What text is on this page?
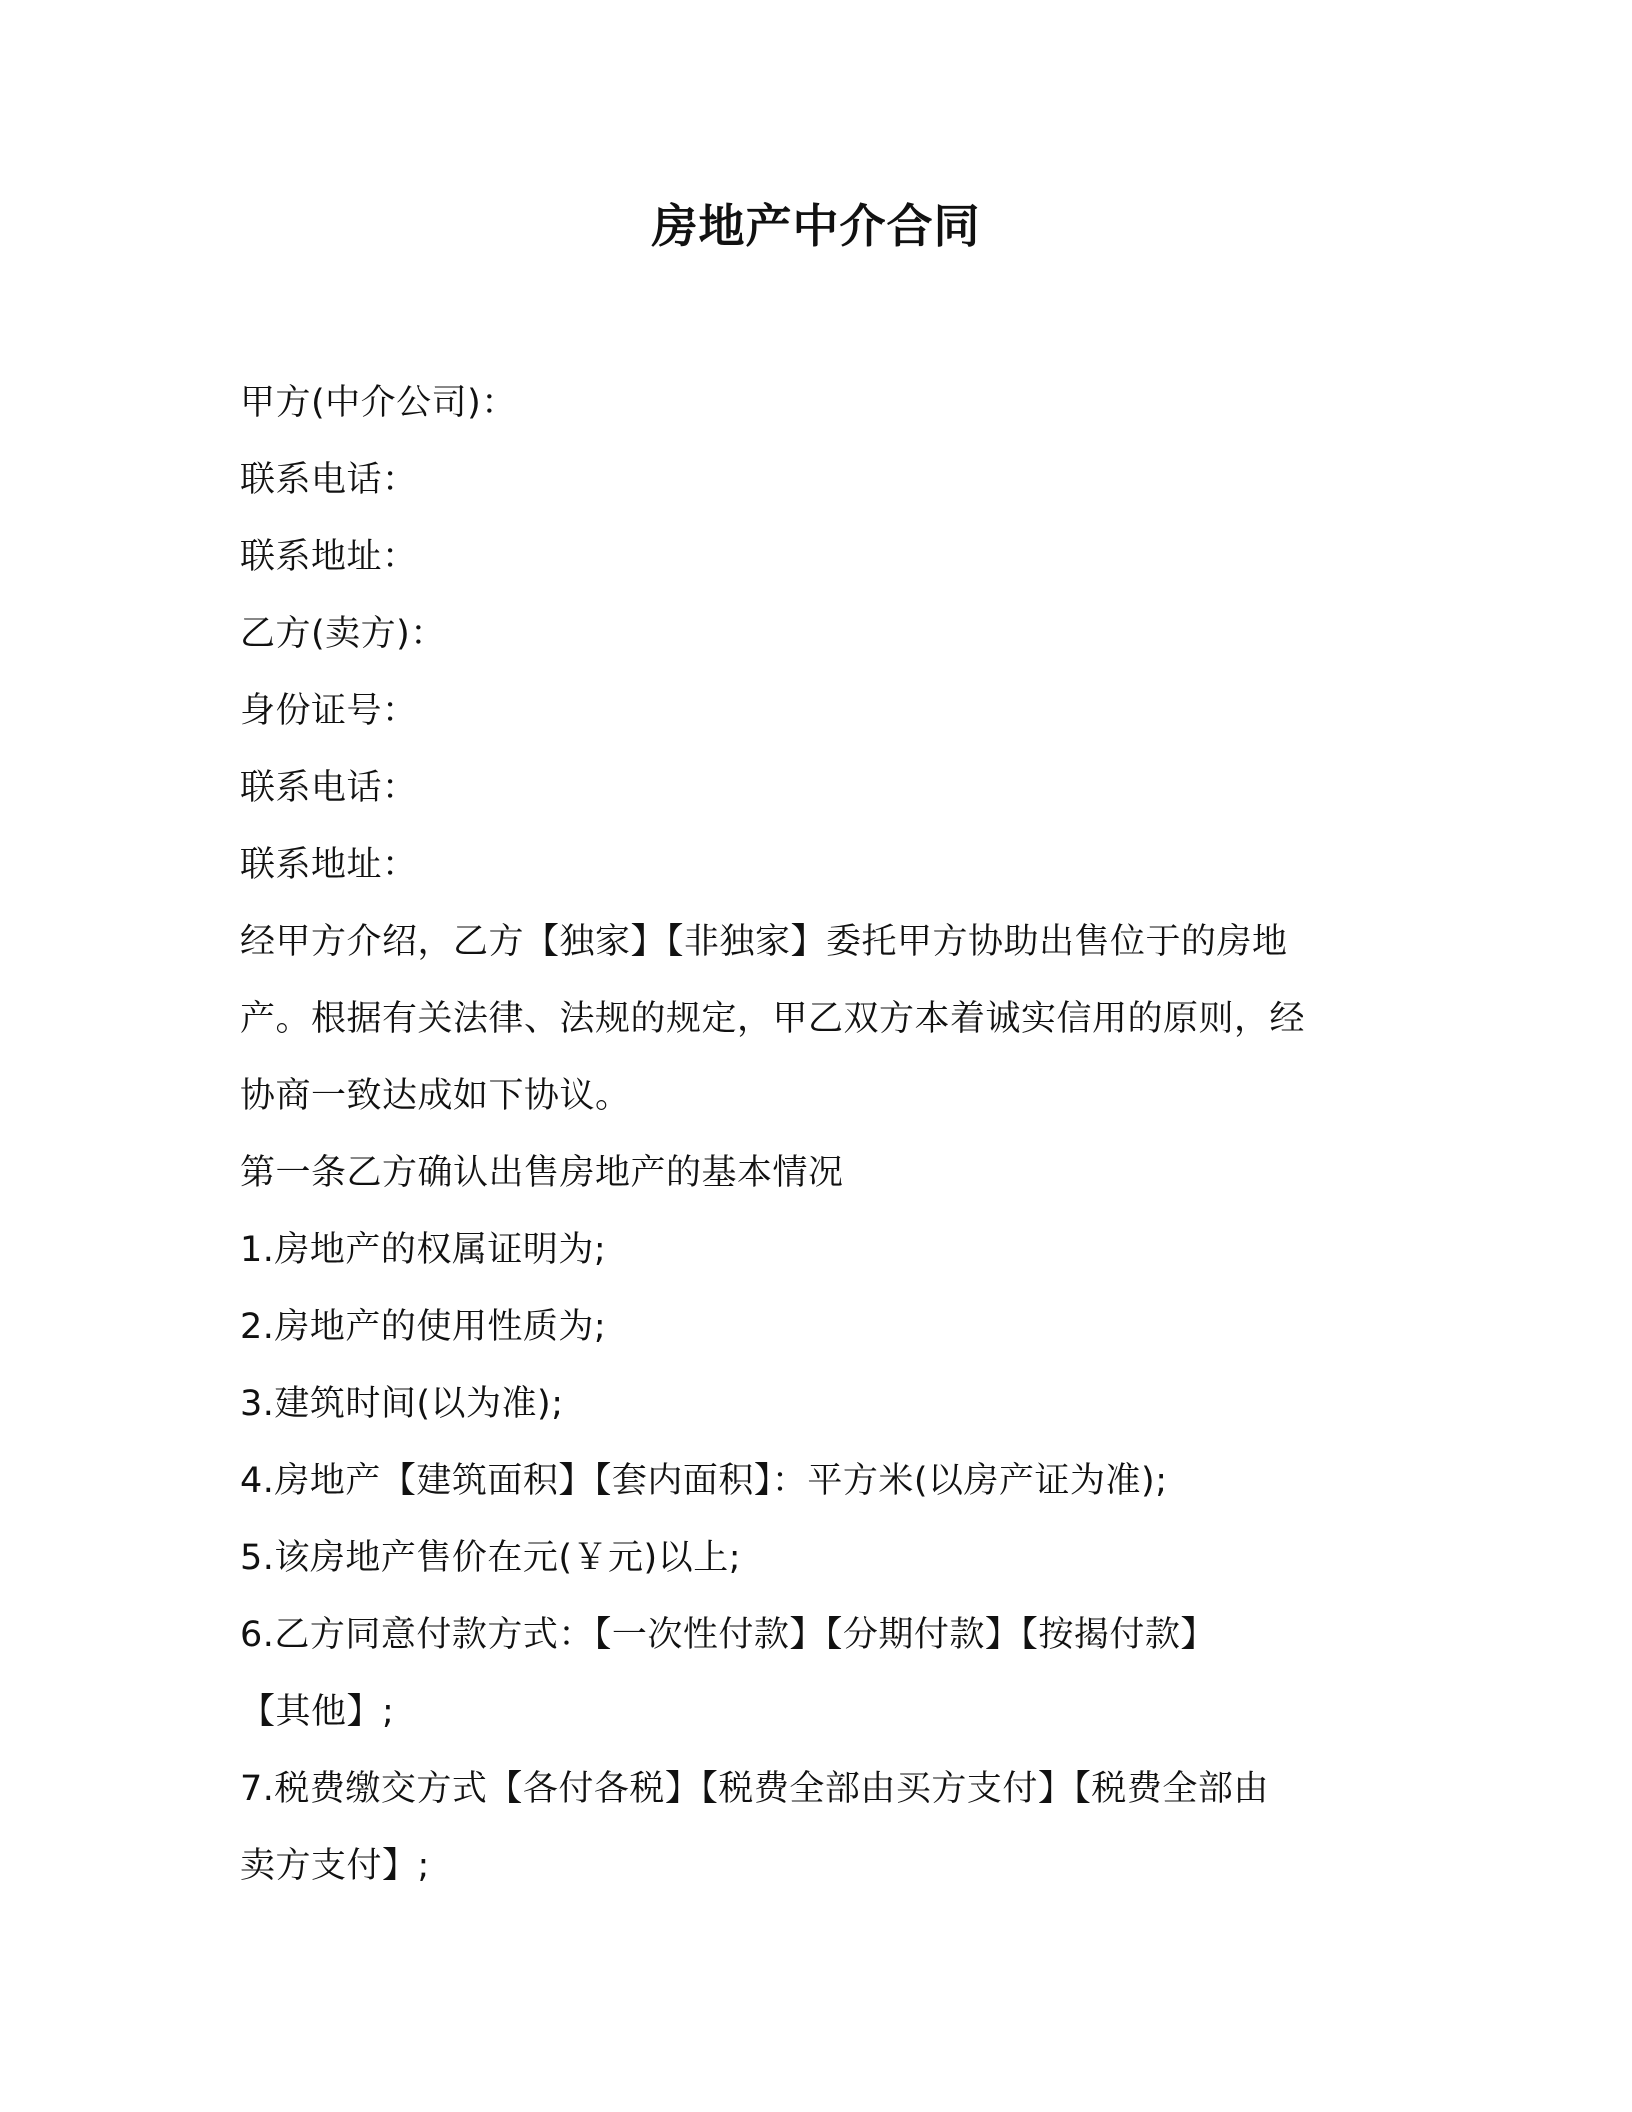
房地产中介合同
甲方(中介公司)：
联系电话：
联系地址：
乙方(卖方)：
身份证号：
联系电话：
联系地址：
经甲方介绍，乙方【独家】【非独家】委托甲方协助出售位于的房地
产。根据有关法律、法规的规定，甲乙双方本着诚实信用的原则，经
协商一致达成如下协议。
第一条乙方确认出售房地产的基本情况
1.房地产的权属证明为;
2.房地产的使用性质为;
3.建筑时间(以为准);
4.房地产【建筑面积】【套内面积】：平方米(以房产证为准);
5.该房地产售价在元(￥元)以上;
6.乙方同意付款方式：【一次性付款】【分期付款】【按揭付款】
【其他】;
7.税费缴交方式【各付各税】【税费全部由买方支付】【税费全部由
卖方支付】;
